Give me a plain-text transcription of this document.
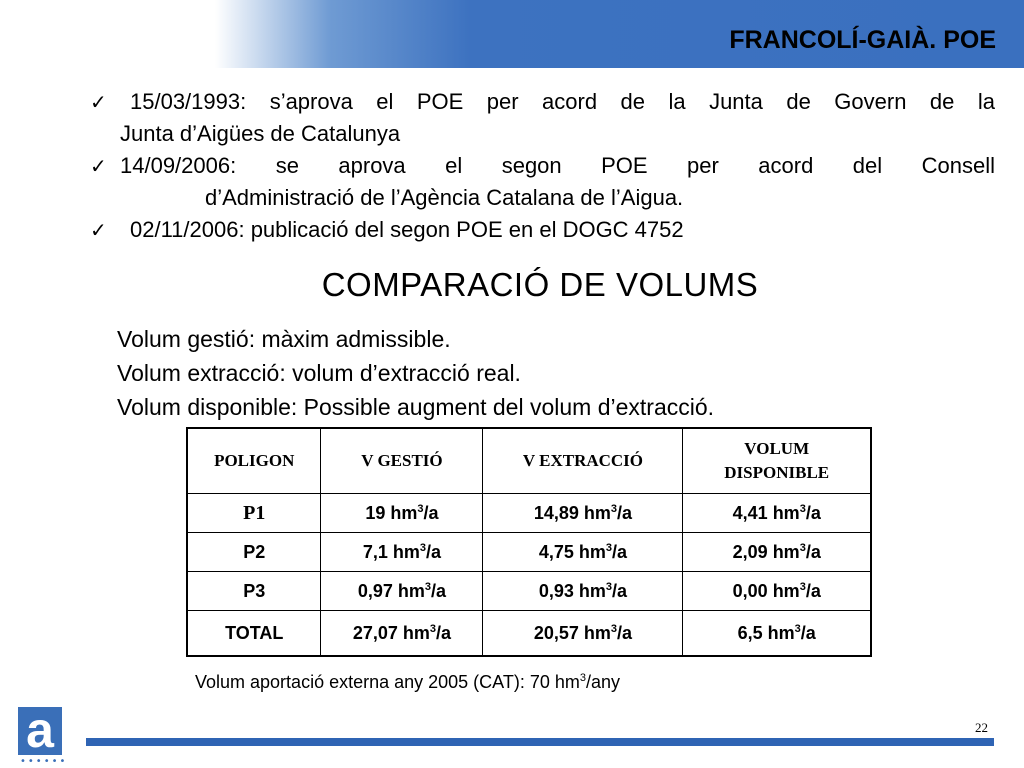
FRANCOLÍ-GAIÀ. POE
✓ 15/03/1993: s’aprova el POE per acord de la Junta de Govern de la
Junta d’Aigües de Catalunya
✓ 14/09/2006: se aprova el segon POE per acord del Consell
d’Administració de l’Agència Catalana de l’Aigua.
✓ 02/11/2006: publicació del segon POE en el DOGC 4752
COMPARACIÓ DE VOLUMS
Volum gestió: màxim admissible.
Volum extracció: volum d’extracció real.
Volum disponible: Possible augment del volum d’extracció.
POLIGON	V GESTIÓ	V EXTRACCIÓ	VOLUM DISPONIBLE
P1	19 $hm^3/a$	14,89 $hm^3/a$	4,41 $hm^3/a$
P2	7,1 $hm^3/a$	4,75 $hm^3/a$	2,09 $hm^3/a$
P3	0,97 $hm^3/a$	0,93 $hm^3/a$	0,00 $hm^3/a$
TOTAL	27,07 $hm^3/a$	20,57 $hm^3/a$	6,5 $hm^3/a$
Volum aportació externa any 2005 (CAT): 70 $hm^3$/any
a
••••••
22
